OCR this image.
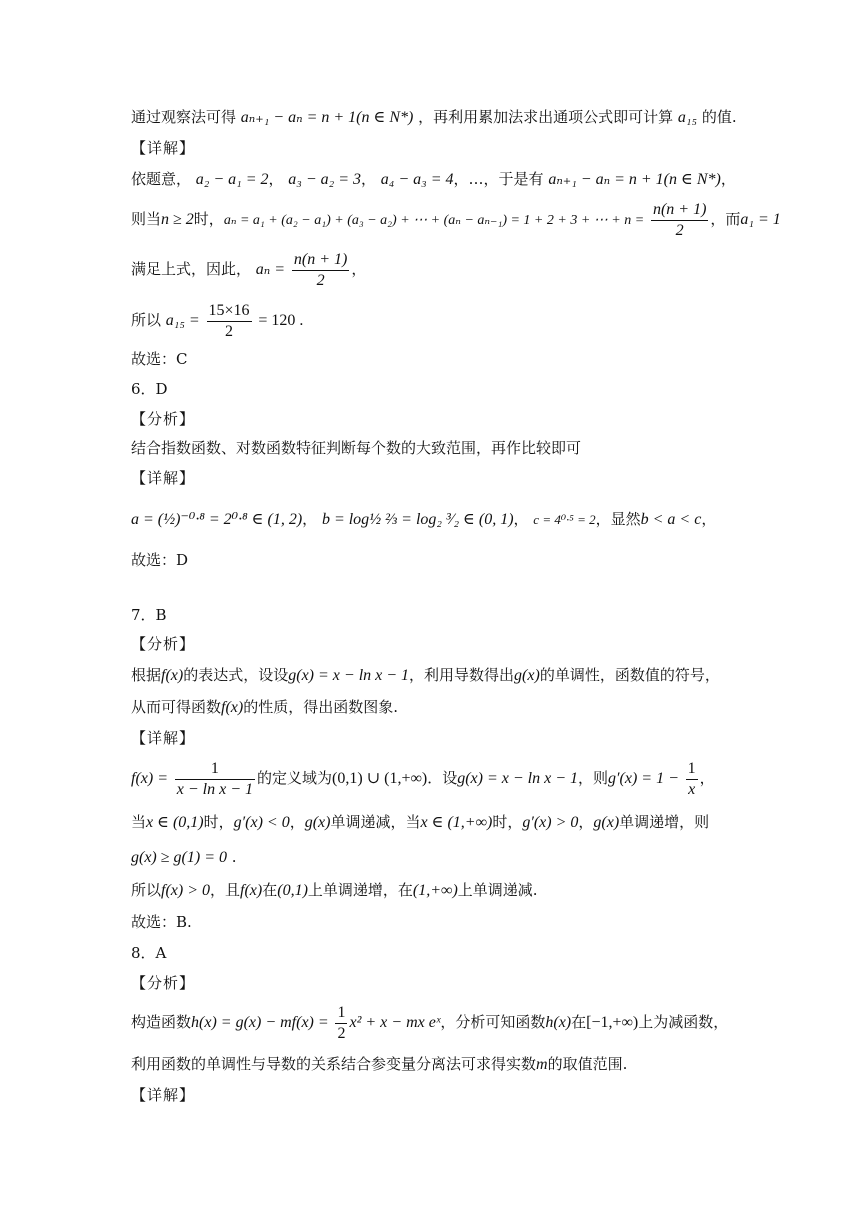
通过观察法可得 aₙ₊₁ − aₙ = n + 1(n ∈ N*) ，再利用累加法求出通项公式即可计算 a₁₅ 的值.
【详解】
依题意， a₂ − a₁ = 2， a₃ − a₂ = 3， a₄ − a₃ = 4，…，于是有 aₙ₊₁ − aₙ = n + 1(n ∈ N*)，
则当n ≥ 2时，aₙ = a₁ + (a₂ − a₁) + (a₃ − a₂) + ⋯ + (aₙ − aₙ₋₁) = 1 + 2 + 3 + ⋯ + $n = \frac{n(n + 1)}{2}$ ，而a₁ = 1
满足上式，因此， $a_n = \frac{n(n + 1)}{2}$ ，
所以 $a_{15} = \frac{15\times 16}{2} = 120$ .
故选：C
6．D
【分析】
结合指数函数、对数函数特征判断每个数的大致范围，再作比较即可
【详解】
a = (½)⁻⁰·⁸ = 2⁰·⁸ ∈ (1, 2)， b = log½ ⅔ = log₂ ³⁄₂ ∈ (0, 1)， c = 4⁰·⁵ = 2，显然b < a < c，
故选：D
7．B
【分析】
根据f(x)的表达式，设设g(x) = x − ln x − 1，利用导数得出g(x)的单调性，函数值的符号，
从而可得函数f(x)的性质，得出函数图象.
【详解】
$f(x) = \frac{1}{\text{x − ln x − 1}}$ 的定义域为(0,1) ∪ (1,+∞)．设g(x) = x − ln x − 1，则$g'(x) = 1 - \frac{1}{x}$ ，
当x ∈ (0,1)时，g′(x) < 0，g(x)单调递减，当x ∈ (1,+∞)时，g′(x) > 0，g(x)单调递增，则
g(x) ≥ g(1) = 0 .
所以f(x) > 0，且f(x)在(0,1)上单调递增，在(1,+∞)上单调递减.
故选：B.
8．A
【分析】
构造函数$h(x) = g(x) - mf(x) = \frac{1}{2} x^2 + x$ − mx eˣ，分析可知函数h(x)在[−1,+∞)上为减函数，
利用函数的单调性与导数的关系结合参变量分离法可求得实数m的取值范围.
【详解】
